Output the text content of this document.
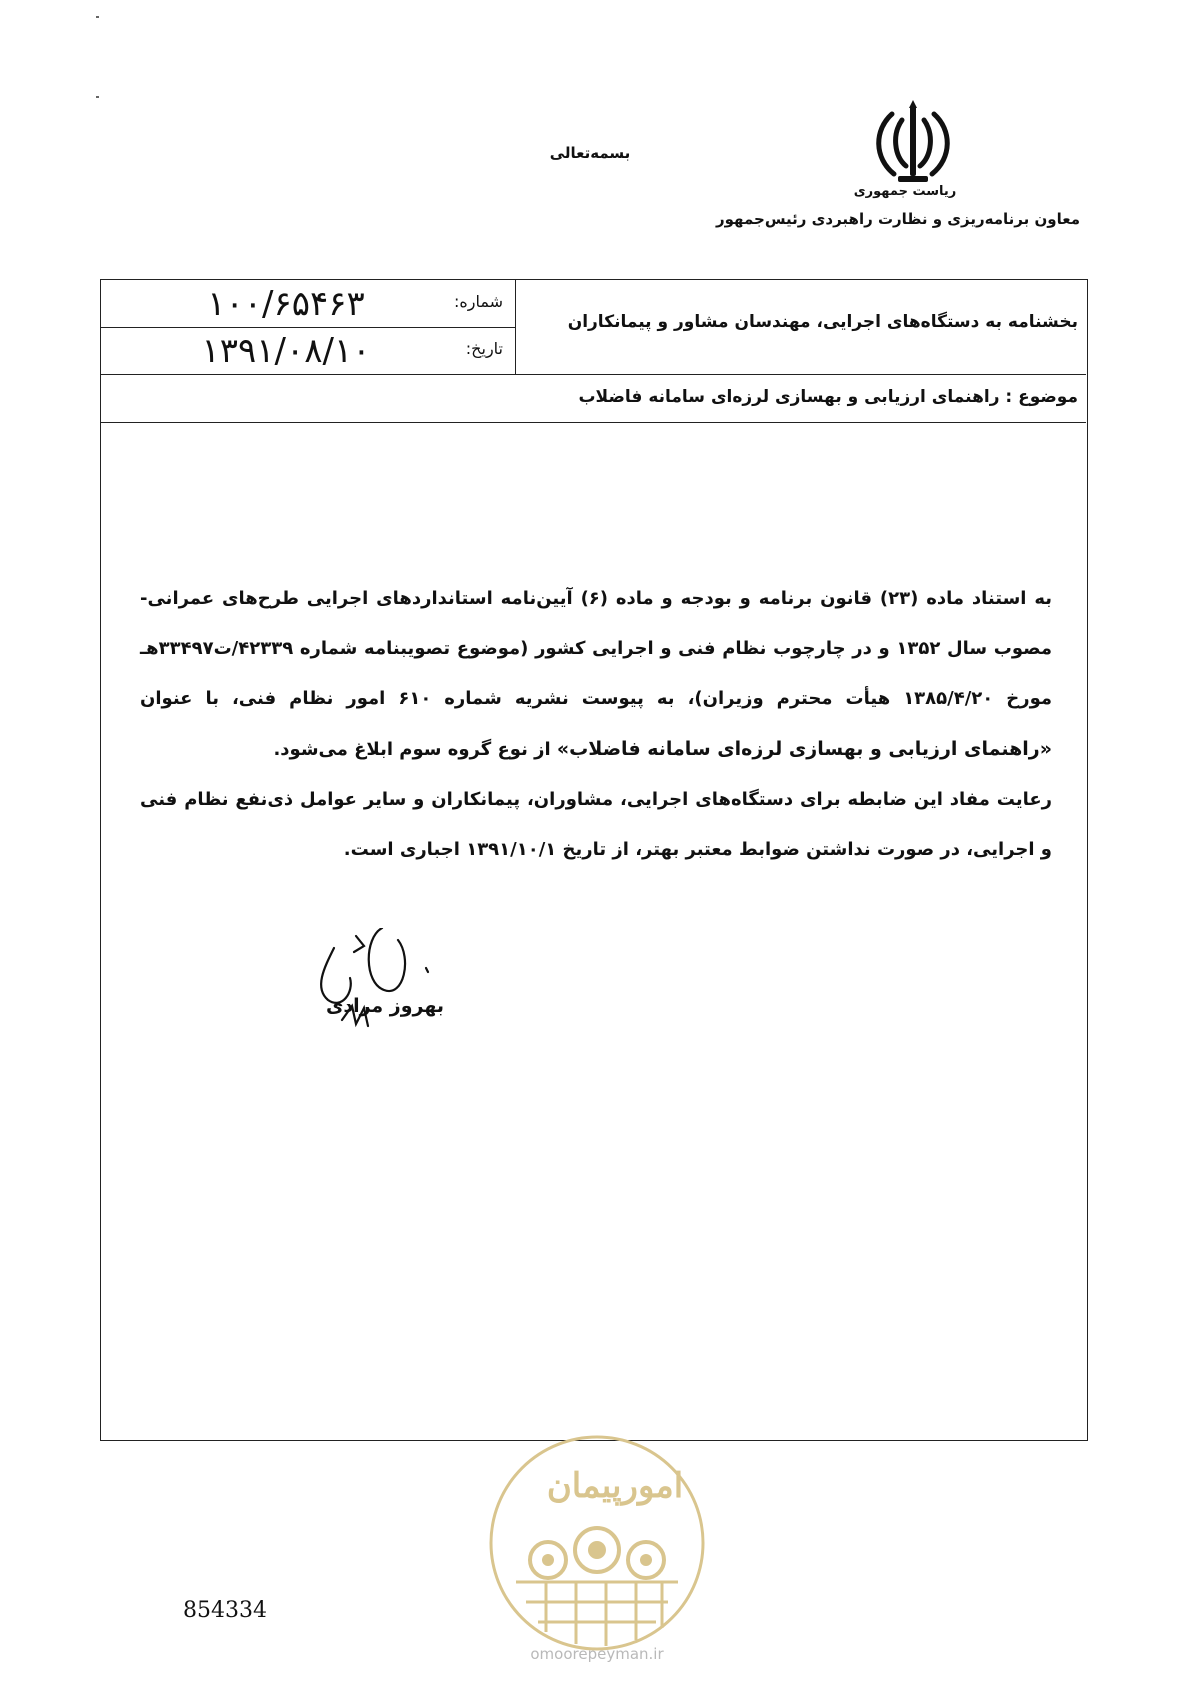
بسمه‌تعالی
ریاست جمهوری
معاون برنامه‌ریزی و نظارت راهبردی رئیس‌جمهور
شماره:
۱۰۰/۶۵۴۶۳
تاریخ:
۱۳۹۱/۰۸/۱۰
بخشنامه به دستگاه‌های اجرایی، مهندسان مشاور و پیمانکاران
موضوع : راهنمای ارزیابی و بهسازی لرزه‌ای سامانه فاضلاب

به استناد ماده (۲۳) قانون برنامه و بودجه و ماده (۶) آیین‌نامه استانداردهای اجرایی طرح‌های عمرانی- مصوب سال ۱۳۵۲ و در چارچوب نظام فنی و اجرایی کشور (موضوع تصویبنامه شماره ۴۲۳۳۹/ت۳۳۴۹۷هـ مورخ ۱۳۸۵/۴/۲۰ هیأت محترم وزیران)، به پیوست نشریه شماره ۶۱۰ امور نظام فنی، با عنوان «راهنمای ارزیابی و بهسازی لرزه‌ای سامانه فاضلاب» از نوع گروه سوم ابلاغ می‌شود.

رعایت مفاد این ضابطه برای دستگاه‌های اجرایی، مشاوران، پیمانکاران و سایر عوامل ذی‌نفع نظام فنی و اجرایی، در صورت نداشتن ضوابط معتبر بهتر، از تاریخ ۱۳۹۱/۱۰/۱ اجباری است.

بهروز مرادی
امورپیمان
omoorepeyman.ir
854334
